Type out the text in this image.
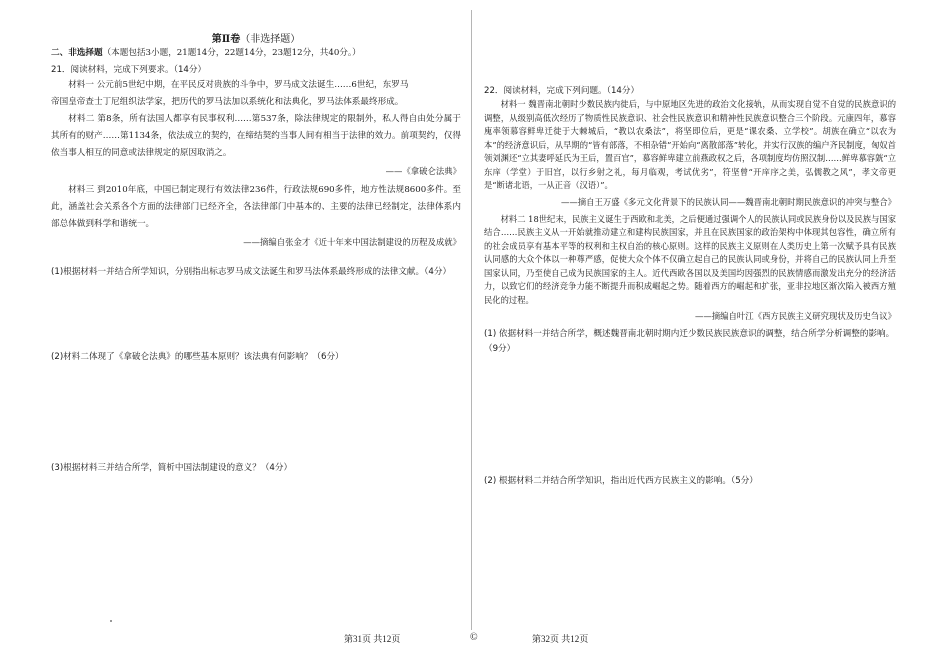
第Ⅱ卷（非选择题）
二、非选择题（本题包括3小题，21题14分，22题14分，23题12分，共40分。）

21．阅读材料，完成下列要求。（14分）

材料一 公元前5世纪中期，在平民反对贵族的斗争中，罗马成文法诞生……6世纪，东罗马

帝国皇帝查士丁尼组织法学家，把历代的罗马法加以系统化和法典化，罗马法体系最终形成。

材料二 第8条，所有法国人都享有民事权利……第537条，除法律规定的限制外，私人得自由处分属于其所有的财产……第1134条，依法成立的契约，在缔结契约当事人间有相当于法律的效力。前项契约，仅得依当事人相互的同意或法律规定的原因取消之。

——《拿破仑法典》

材料三 到2010年底，中国已制定现行有效法律236件，行政法规690多件，地方性法规8600多件。至此，涵盖社会关系各个方面的法律部门已经齐全，各法律部门中基本的、主要的法律已经制定，法律体系内部总体做到科学和谐统一。

——摘编自张金才《近十年来中国法制建设的历程及成就》

(1)根据材料一并结合所学知识，分别指出标志罗马成文法诞生和罗马法体系最终形成的法律文献。（4分）

(2)材料二体现了《拿破仑法典》的哪些基本原则？该法典有何影响？（6分）

(3)根据材料三并结合所学，简析中国法制建设的意义？（4分）

22．阅读材料，完成下列问题。（14分）

材料一 魏晋南北朝时少数民族内徙后，与中原地区先进的政治文化接轨，从而实现自觉不自觉的民族意识的调整，从级别高低次经历了物质性民族意识、社会性民族意识和精神性民族意识整合三个阶段。元康四年，慕容廆率领慕容鲜卑迁徙于大棘城后，“教以农桑法”，将坚即位后，更是“课农桑、立学校”。胡族在确立“以农为本”的经济意识后，从早期的“皆有部落，不相杂错”开始向“离散部落”转化，并实行汉族的编户齐民制度，匈奴首领刘渊还“立其妻呼延氏为王后，置百官”，慕容鲜卑建立前燕政权之后，各项制度均仿照汉制……鲜卑慕容皝“立东庠（学堂）于旧宫，以行乡射之礼，每月临观，考试优劣”，符坚曾“开庠序之美，弘儒教之风”，孝文帝更是“断诸北语，一从正音（汉语）”。

——摘自王万盛《多元文化背景下的民族认同——魏晋南北朝时期民族意识的冲突与整合》

材料二 18世纪末，民族主义诞生于西欧和北美，之后便通过强调个人的民族认同或民族身份以及民族与国家结合……民族主义从一开始就推动建立和建构民族国家，并且在民族国家的政治架构中体现其包容性，确立所有的社会成员享有基本平等的权利和主权自治的核心原则。这样的民族主义原则在人类历史上第一次赋予具有民族认同感的大众个体以一种尊严感，促使大众个体不仅确立起自己的民族认同或身份，并将自己的民族认同上升至国家认同，乃至使自己成为民族国家的主人。近代西欧各国以及美国均因强烈的民族情感而激发出充分的经济活力，以致它们的经济竞争力能不断提升而积成崛起之势。随着西方的崛起和扩张，亚非拉地区渐次陷入被西方殖民化的过程。

——摘编自叶江《西方民族主义研究现状及历史刍议》

(1) 依据材料一并结合所学，概述魏晋南北朝时期内迁少数民族民族意识的调整，结合所学分析调整的影响。（9分）

(2) 根据材料二并结合所学知识，指出近代西方民族主义的影响。（5分）

第31页 共12页	©	第32页 共12页
